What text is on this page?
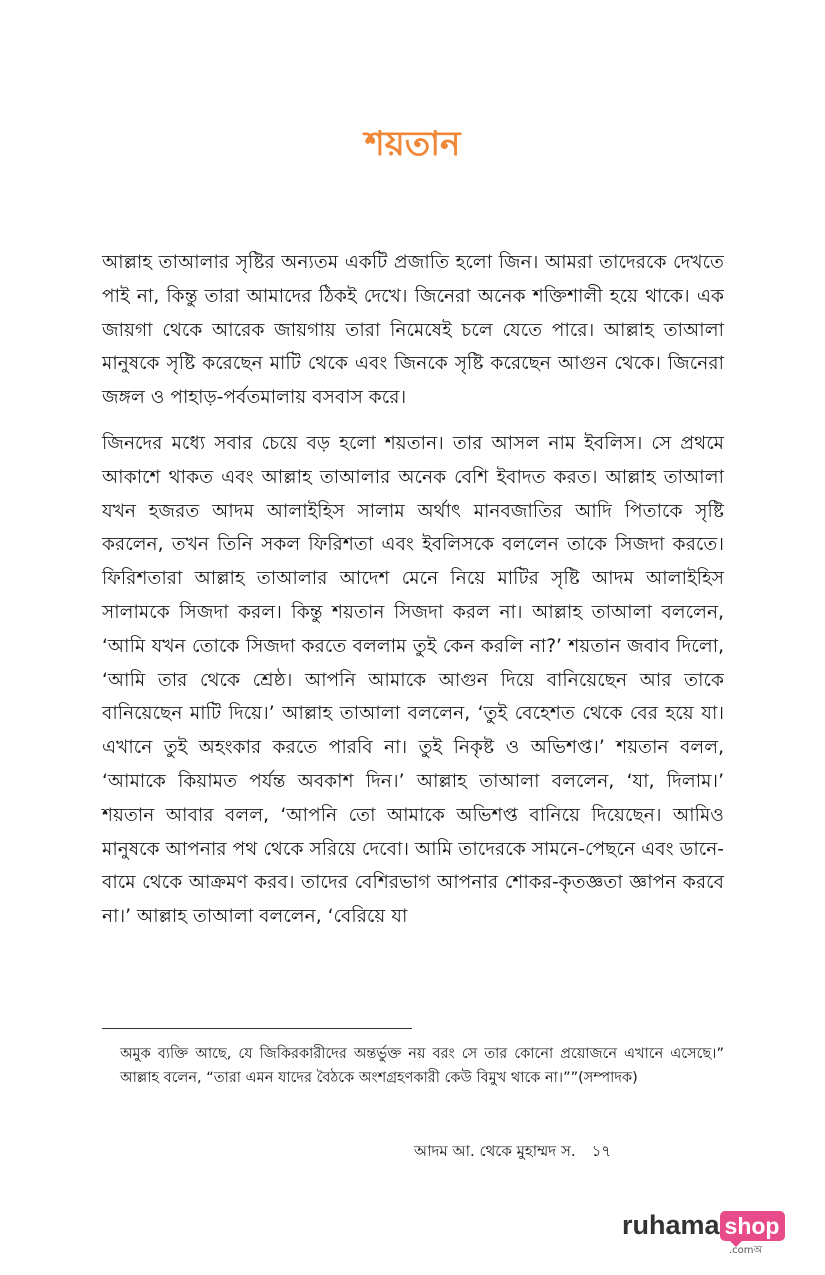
শয়তান

আল্লাহ তাআলার সৃষ্টির অন্যতম একটি প্রজাতি হলো জিন। আমরা তাদেরকে দেখতে পাই না, কিন্তু তারা আমাদের ঠিকই দেখে। জিনেরা অনেক শক্তিশালী হয়ে থাকে। এক জায়গা থেকে আরেক জায়গায় তারা নিমেষেই চলে যেতে পারে। আল্লাহ তাআলা মানুষকে সৃষ্টি করেছেন মাটি থেকে এবং জিনকে সৃষ্টি করেছেন আগুন থেকে। জিনেরা জঙ্গল ও পাহাড়-পর্বতমালায় বসবাস করে।

জিনদের মধ্যে সবার চেয়ে বড় হলো শয়তান। তার আসল নাম ইবলিস। সে প্রথমে আকাশে থাকত এবং আল্লাহ তাআলার অনেক বেশি ইবাদত করত। আল্লাহ তাআলা যখন হজরত আদম আলাইহিস সালাম অর্থাৎ মানবজাতির আদি পিতাকে সৃষ্টি করলেন, তখন তিনি সকল ফিরিশতা এবং ইবলিসকে বললেন তাকে সিজদা করতে। ফিরিশতারা আল্লাহ তাআলার আদেশ মেনে নিয়ে মাটির সৃষ্টি আদম আলাইহিস সালামকে সিজদা করল। কিন্তু শয়তান সিজদা করল না। আল্লাহ তাআলা বললেন, ‘আমি যখন তোকে সিজদা করতে বললাম তুই কেন করলি না?’ শয়তান জবাব দিলো, ‘আমি তার থেকে শ্রেষ্ঠ। আপনি আমাকে আগুন দিয়ে বানিয়েছেন আর তাকে বানিয়েছেন মাটি দিয়ে।’ আল্লাহ তাআলা বললেন, ‘তুই বেহেশত থেকে বের হয়ে যা। এখানে তুই অহংকার করতে পারবি না। তুই নিকৃষ্ট ও অভিশপ্ত।’ শয়তান বলল, ‘আমাকে কিয়ামত পর্যন্ত অবকাশ দিন।’ আল্লাহ তাআলা বললেন, ‘যা, দিলাম।’ শয়তান আবার বলল, ‘আপনি তো আমাকে অভিশপ্ত বানিয়ে দিয়েছেন। আমিও মানুষকে আপনার পথ থেকে সরিয়ে দেবো। আমি তাদেরকে সামনে-পেছনে এবং ডানে-বামে থেকে আক্রমণ করব। তাদের বেশিরভাগ আপনার শোকর-কৃতজ্ঞতা জ্ঞাপন করবে না।’ আল্লাহ তাআলা বললেন, ‘বেরিয়ে যা

অমুক ব্যক্তি আছে, যে জিকিরকারীদের অন্তর্ভুক্ত নয় বরং সে তার কোনো প্রয়োজনে এখানে এসেছে।” আল্লাহ বলেন, “তারা এমন যাদের বৈঠকে অংশগ্রহণকারী কেউ বিমুখ থাকে না।””(সম্পাদক)

আদম আ. থেকে মুহাম্মদ স. ১৭
ruhama shop
.comঅ
